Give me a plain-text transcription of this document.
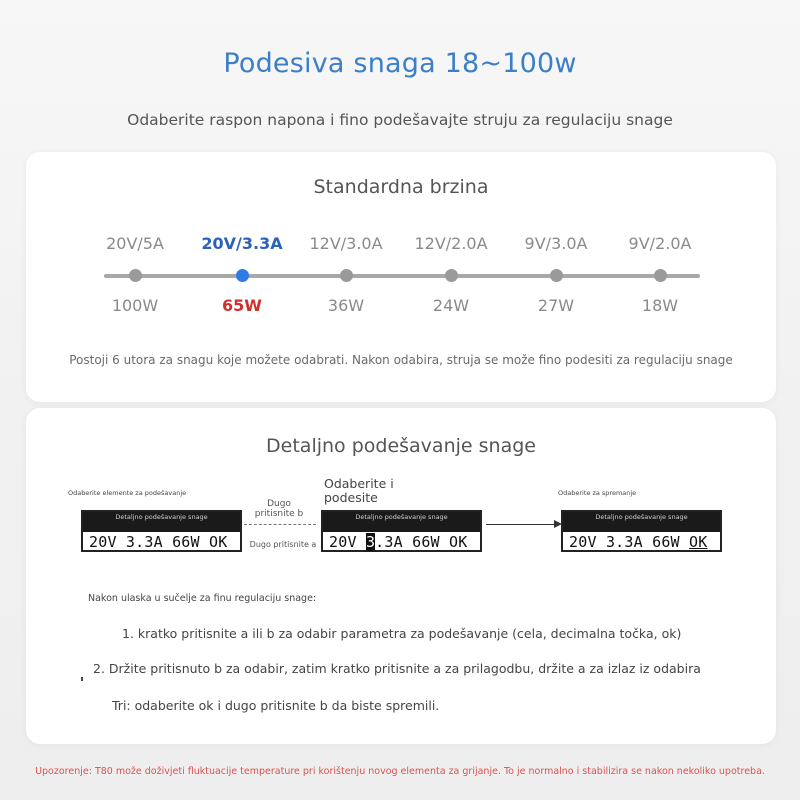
Podesiva snaga 18~100w
Odaberite raspon napona i fino podešavajte struju za regulaciju snage
Standardna brzina
20V/5A
100W
20V/3.3A
65W
12V/3.0A
36W
12V/2.0A
24W
9V/3.0A
27W
9V/2.0A
18W
Postoji 6 utora za snagu koje možete odabrati. Nakon odabira, struja se može fino podesiti za regulaciju snage
Detaljno podešavanje snage
Odaberite elemente za podešavanje
Detaljno podešavanje snage
20V 3.3A 66W OK
Dugo pritisnite b
Dugo pritisnite a
Odaberite i podesite
Detaljno podešavanje snage
20V 3.3A 66W OK
Odaberite za spremanje
Detaljno podešavanje snage
20V 3.3A 66W OK
Nakon ulaska u sučelje za finu regulaciju snage:
1. kratko pritisnite a ili b za odabir parametra za podešavanje (cela, decimalna točka, ok)
2. Držite pritisnuto b za odabir, zatim kratko pritisnite a za prilagodbu, držite a za izlaz iz odabira
Tri: odaberite ok i dugo pritisnite b da biste spremili.
Upozorenje: T80 može doživjeti fluktuacije temperature pri korištenju novog elementa za grijanje. To je normalno i stabilizira se nakon nekoliko upotreba.
